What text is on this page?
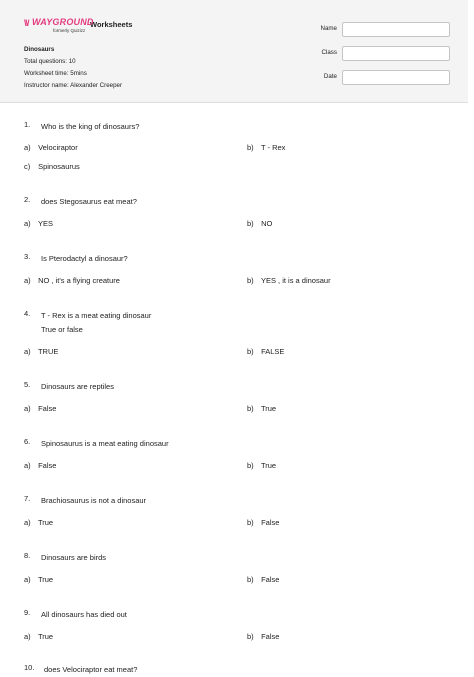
\\/ WAYGROUND
formerly Quizizz
Worksheets
Dinosaurs
Total questions: 10
Worksheet time: 5mins
Instructor name: Alexander Creeper
Name
Class
Date
1. Who is the king of dinosaurs?
a) Velociraptor	b) T - Rex
c) Spinosaurus
2. does Stegosaurus eat meat?
a) YES	b) NO
3. Is Pterodactyl a dinosaur?
a) NO , it's a flying creature	b) YES , it is a dinosaur
4. T - Rex is a meat eating dinosaur
True or false
a) TRUE	b) FALSE
5. Dinosaurs are reptiles
a) False	b) True
6. Spinosaurus is a meat eating dinosaur
a) False	b) True
7. Brachiosaurus is not a dinosaur
a) True	b) False
8. Dinosaurs are birds
a) True	b) False
9. All dinosaurs has died out
a) True	b) False
10. does Velociraptor eat meat?
